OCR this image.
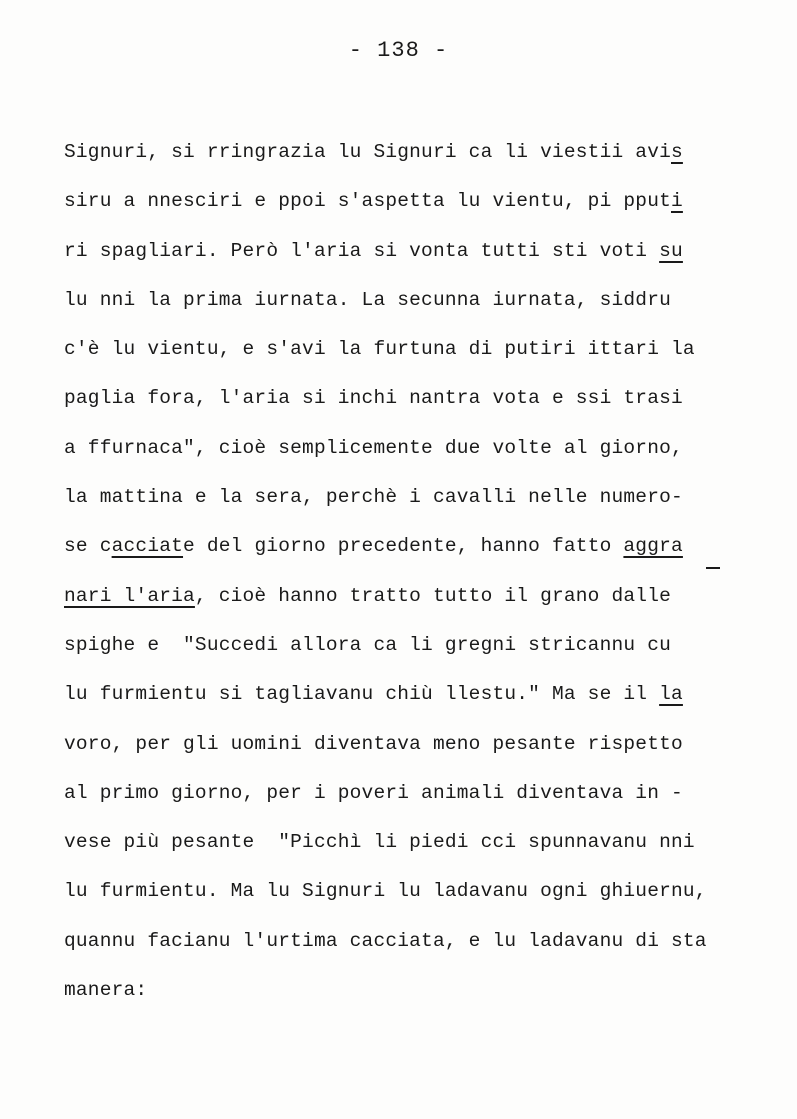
- 138 -
Signuri, si rringrazia lu Signuri ca li viestii avis
siru a nnesciri e ppoi s'aspetta lu vientu, pi pputi
ri spagliari. Però l'aria si vonta tutti sti voti su
lu nni la prima iurnata. La secunna iurnata, siddru
c'è lu vientu, e s'avi la furtuna di putiri ittari la
paglia fora, l'aria si inchi nantra vota e ssi trasi
a ffurnaca", cioè semplicemente due volte al giorno,
la mattina e la sera, perchè i cavalli nelle numero-
se cacciate del giorno precedente, hanno fatto aggra
nari l'aria, cioè hanno tratto tutto il grano dalle
spighe e  "Succedi allora ca li gregni stricannu cu
lu furmientu si tagliavanu chiù llestu." Ma se il la
voro, per gli uomini diventava meno pesante rispetto
al primo giorno, per i poveri animali diventava in -
vese più pesante  "Picchì li piedi cci spunnavanu nni
lu furmientu. Ma lu Signuri lu ladavanu ogni ghiuernu,
quannu facianu l'urtima cacciata, e lu ladavanu di sta
manera:
